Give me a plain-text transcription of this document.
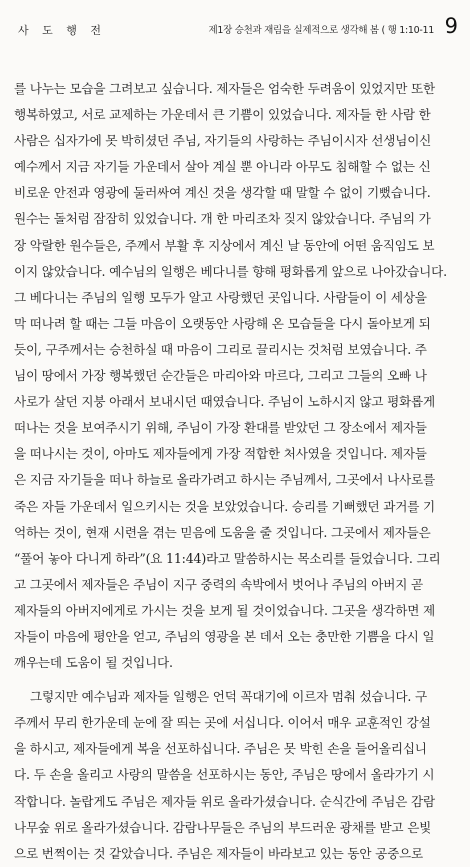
사 도 행 전	제1장 승천과 재림을 실제적으로 생각해 봄 ( 행 1:10-11 9
를 나누는 모습을 그려보고 싶습니다. 제자들은 엄숙한 두려움이 있었지만 또한
행복하였고, 서로 교제하는 가운데서 큰 기쁨이 있었습니다. 제자들 한 사람 한
사람은 십자가에 못 박히셨던 주님, 자기들의 사랑하는 주님이시자 선생님이신
예수께서 지금 자기들 가운데서 살아 계실 뿐 아니라 아무도 침해할 수 없는 신
비로운 안전과 영광에 둘러싸여 계신 것을 생각할 때 말할 수 없이 기뻤습니다.
원수는 돌처럼 잠잠히 있었습니다. 개 한 마리조차 짖지 않았습니다. 주님의 가
장 악랄한 원수들은, 주께서 부활 후 지상에서 계신 날 동안에 어떤 움직임도 보
이지 않았습니다. 예수님의 일행은 베다니를 향해 평화롭게 앞으로 나아갔습니다.
그 베다니는 주님의 일행 모두가 알고 사랑했던 곳입니다. 사람들이 이 세상을
막 떠나려 할 때는 그들 마음이 오랫동안 사랑해 온 모습들을 다시 돌아보게 되
듯이, 구주께서는 승천하실 때 마음이 그리로 끌리시는 것처럼 보였습니다. 주
님이 땅에서 가장 행복했던 순간들은 마리아와 마르다, 그리고 그들의 오빠 나
사로가 살던 지붕 아래서 보내시던 때였습니다. 주님이 노하시지 않고 평화롭게
떠나는 것을 보여주시기 위해, 주님이 가장 환대를 받았던 그 장소에서 제자들
을 떠나시는 것이, 아마도 제자들에게 가장 적합한 처사였을 것입니다. 제자들
은 지금 자기들을 떠나 하늘로 올라가려고 하시는 주님께서, 그곳에서 나사로를
죽은 자들 가운데서 일으키시는 것을 보았었습니다. 승리를 기뻐했던 과거를 기
억하는 것이, 현재 시련을 겪는 믿음에 도움을 줄 것입니다. 그곳에서 제자들은
“풀어 놓아 다니게 하라”(요 11:44)라고 말씀하시는 목소리를 들었습니다. 그리
고 그곳에서 제자들은 주님이 지구 중력의 속박에서 벗어나 주님의 아버지 곧
제자들의 아버지에게로 가시는 것을 보게 될 것이었습니다. 그곳을 생각하면 제
자들이 마음에 평안을 얻고, 주님의 영광을 본 데서 오는 충만한 기쁨을 다시 일
깨우는데 도움이 될 것입니다.
그렇지만 예수님과 제자들 일행은 언덕 꼭대기에 이르자 멈춰 섰습니다. 구
주께서 무리 한가운데 눈에 잘 띄는 곳에 서십니다. 이어서 매우 교훈적인 강설
을 하시고, 제자들에게 복을 선포하십니다. 주님은 못 박힌 손을 들어올리십니
다. 두 손을 올리고 사랑의 말씀을 선포하시는 동안, 주님은 땅에서 올라가기 시
작합니다. 놀랍게도 주님은 제자들 위로 올라가셨습니다. 순식간에 주님은 감람
나무숲 위로 올라가셨습니다. 감람나무들은 주님의 부드러운 광채를 받고 은빛
으로 번쩍이는 것 같았습니다. 주님은 제자들이 바라보고 있는 동안 공중으로
